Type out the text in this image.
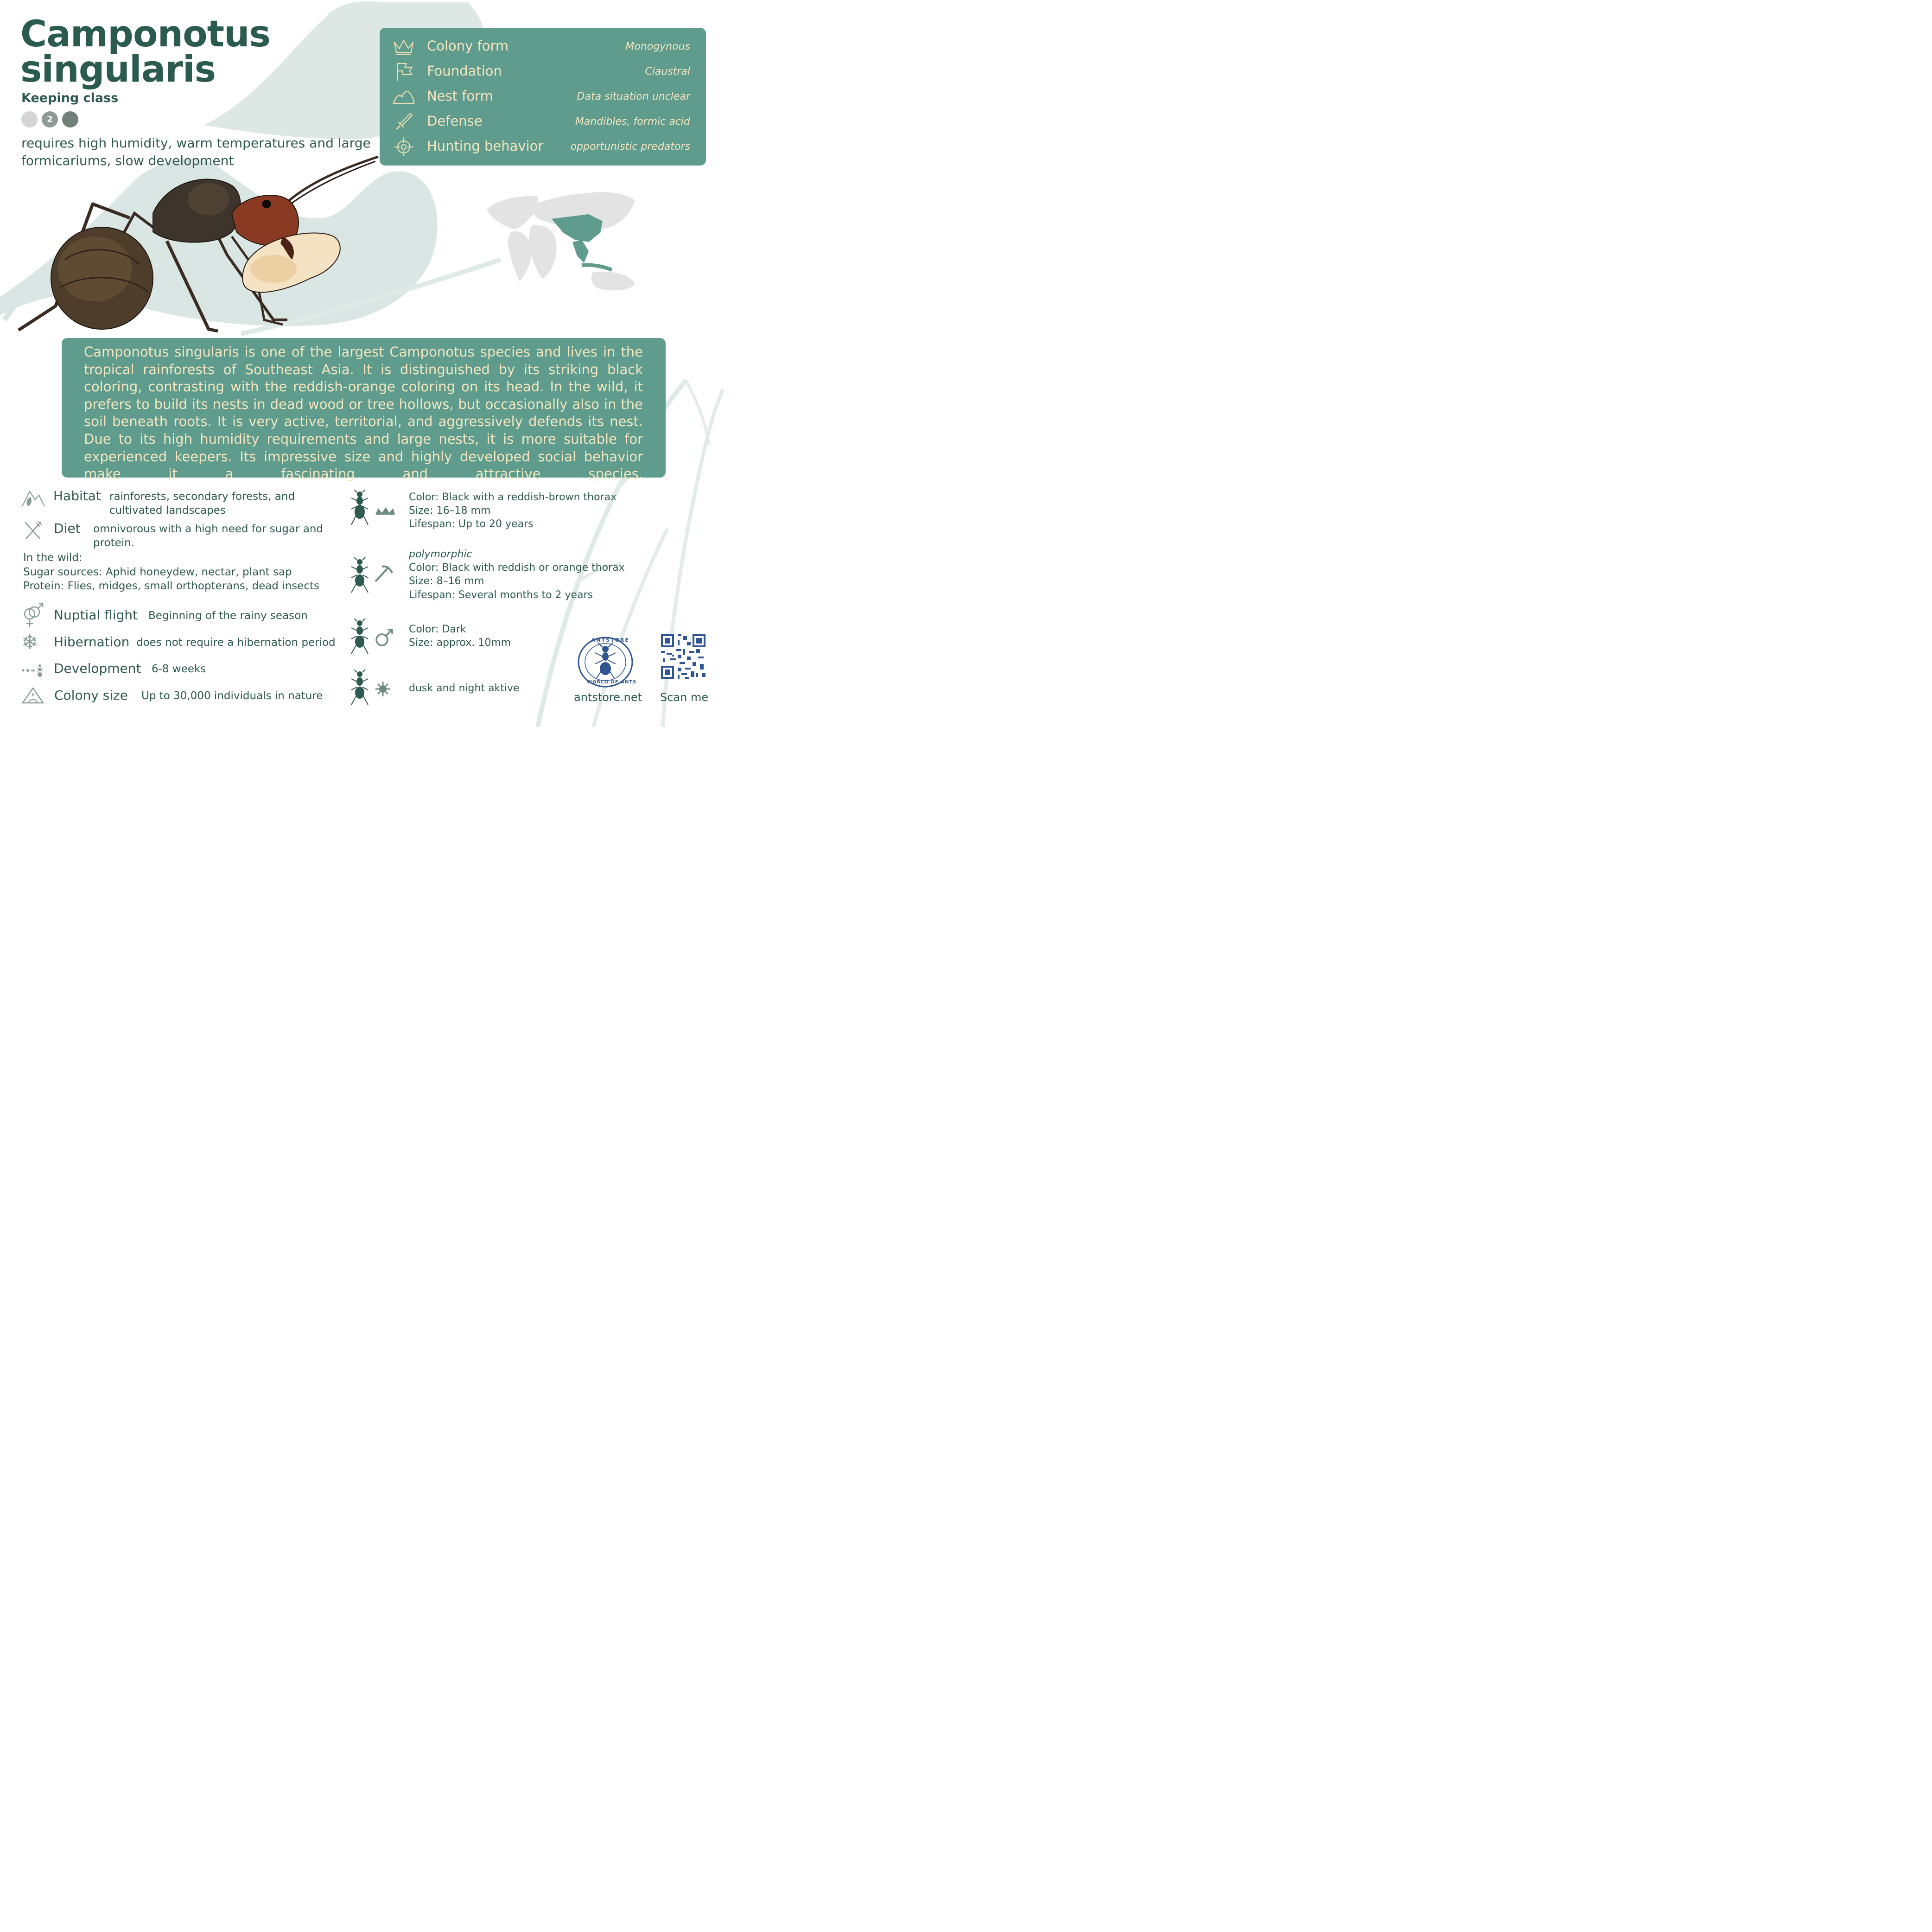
Camponotus
singularis
Keeping class
2
requires high humidity, warm temperatures and large formicariums, slow development
Colony form	Monogynous
Foundation	Claustral
Nest form	Data situation unclear
Defense	Mandibles, formic acid
Hunting behavior	opportunistic predators
Camponotus singularis is one of the largest Camponotus species and lives in the tropical rainforests of Southeast Asia. It is distinguished by its striking black coloring, contrasting with the reddish-orange coloring on its head. In the wild, it prefers to build its nests in dead wood or tree hollows, but occasionally also in the soil beneath roots. It is very active, territorial, and aggressively defends its nest. Due to its high humidity requirements and large nests, it is more suitable for experienced keepers. Its impressive size and highly developed social behavior make it a fascinating and attractive species.
Habitat rainforests, secondary forests, and
cultivated landscapes
Diet omnivorous with a high need for sugar and
protein.
In the wild:
Sugar sources: Aphid honeydew, nectar, plant sap
Protein: Flies, midges, small orthopterans, dead insects
Nuptial flight Beginning of the rainy season
❄ Hibernation does not require a hibernation period
Development 6-8 weeks
Colony size Up to 30,000 individuals in nature
Color: Black with a reddish-brown thorax
Size: 16–18 mm
Lifespan: Up to 20 years
polymorphic
Color: Black with reddish or orange thorax
Size: 8–16 mm
Lifespan: Several months to 2 years
Color: Dark
Size: approx. 10mm
dusk and night aktive
ANTSTORE
WORLD OF ANTS
antstore.net Scan me
